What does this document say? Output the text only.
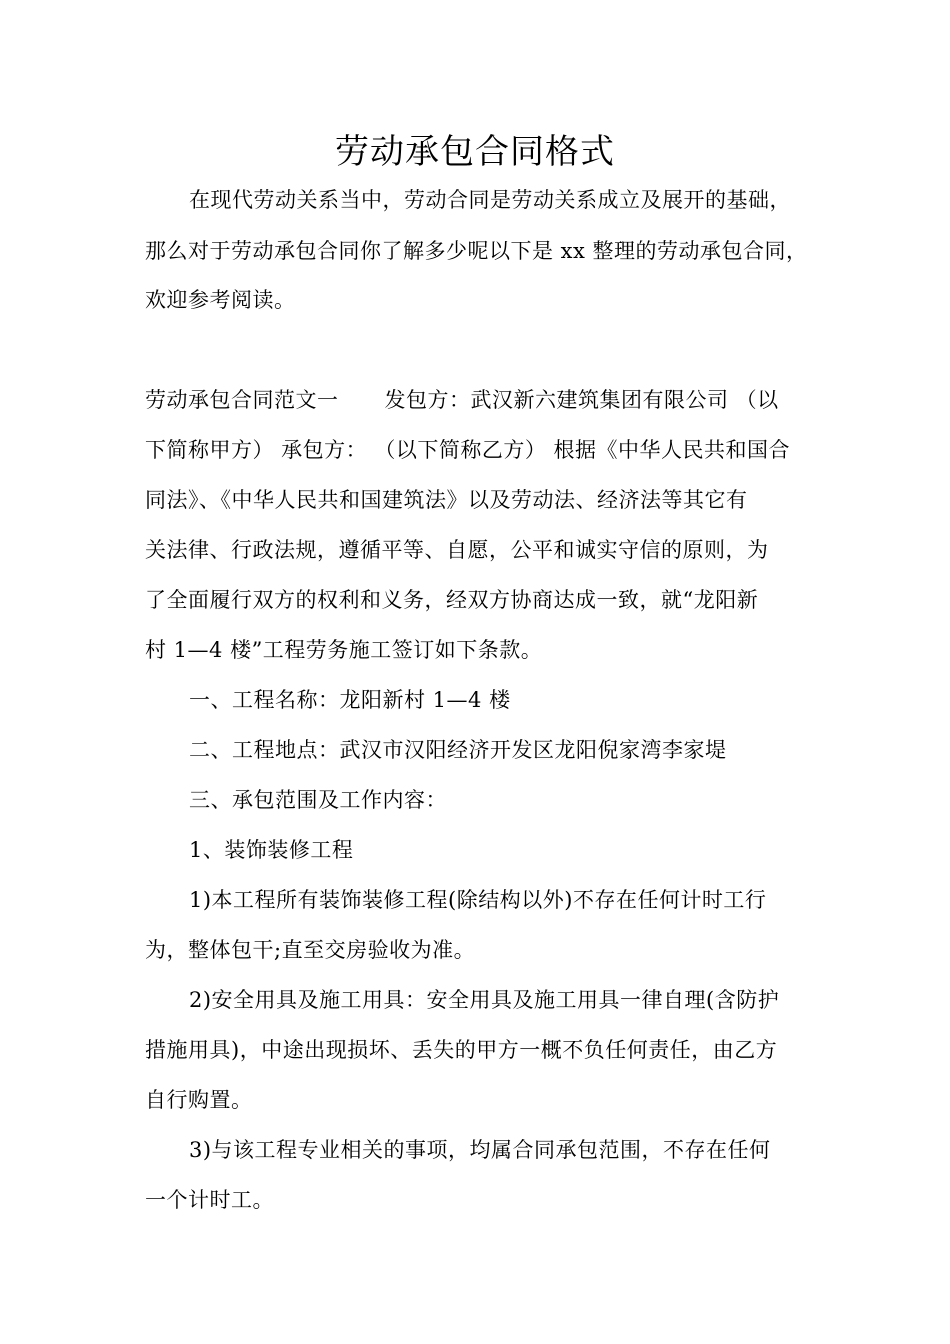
劳动承包合同格式
在现代劳动关系当中，劳动合同是劳动关系成立及展开的基础，
那么对于劳动承包合同你了解多少呢以下是 xx 整理的劳动承包合同，
欢迎参考阅读。
劳动承包合同范文一 发包方：武汉新六建筑集团有限公司 （以
下简称甲方） 承包方： （以下简称乙方） 根据《中华人民共和国合
同法》、《中华人民共和国建筑法》以及劳动法、经济法等其它有
关法律、行政法规，遵循平等、自愿，公平和诚实守信的原则，为
了全面履行双方的权利和义务，经双方协商达成一致，就“龙阳新
村 1—4 楼”工程劳务施工签订如下条款。
一、工程名称：龙阳新村 1—4 楼
二、工程地点：武汉市汉阳经济开发区龙阳倪家湾李家堤
三、承包范围及工作内容：
1、装饰装修工程
1)本工程所有装饰装修工程(除结构以外)不存在任何计时工行
为，整体包干;直至交房验收为准。
2)安全用具及施工用具：安全用具及施工用具一律自理(含防护
措施用具)，中途出现损坏、丢失的甲方一概不负任何责任，由乙方
自行购置。
3)与该工程专业相关的事项，均属合同承包范围，不存在任何
一个计时工。
